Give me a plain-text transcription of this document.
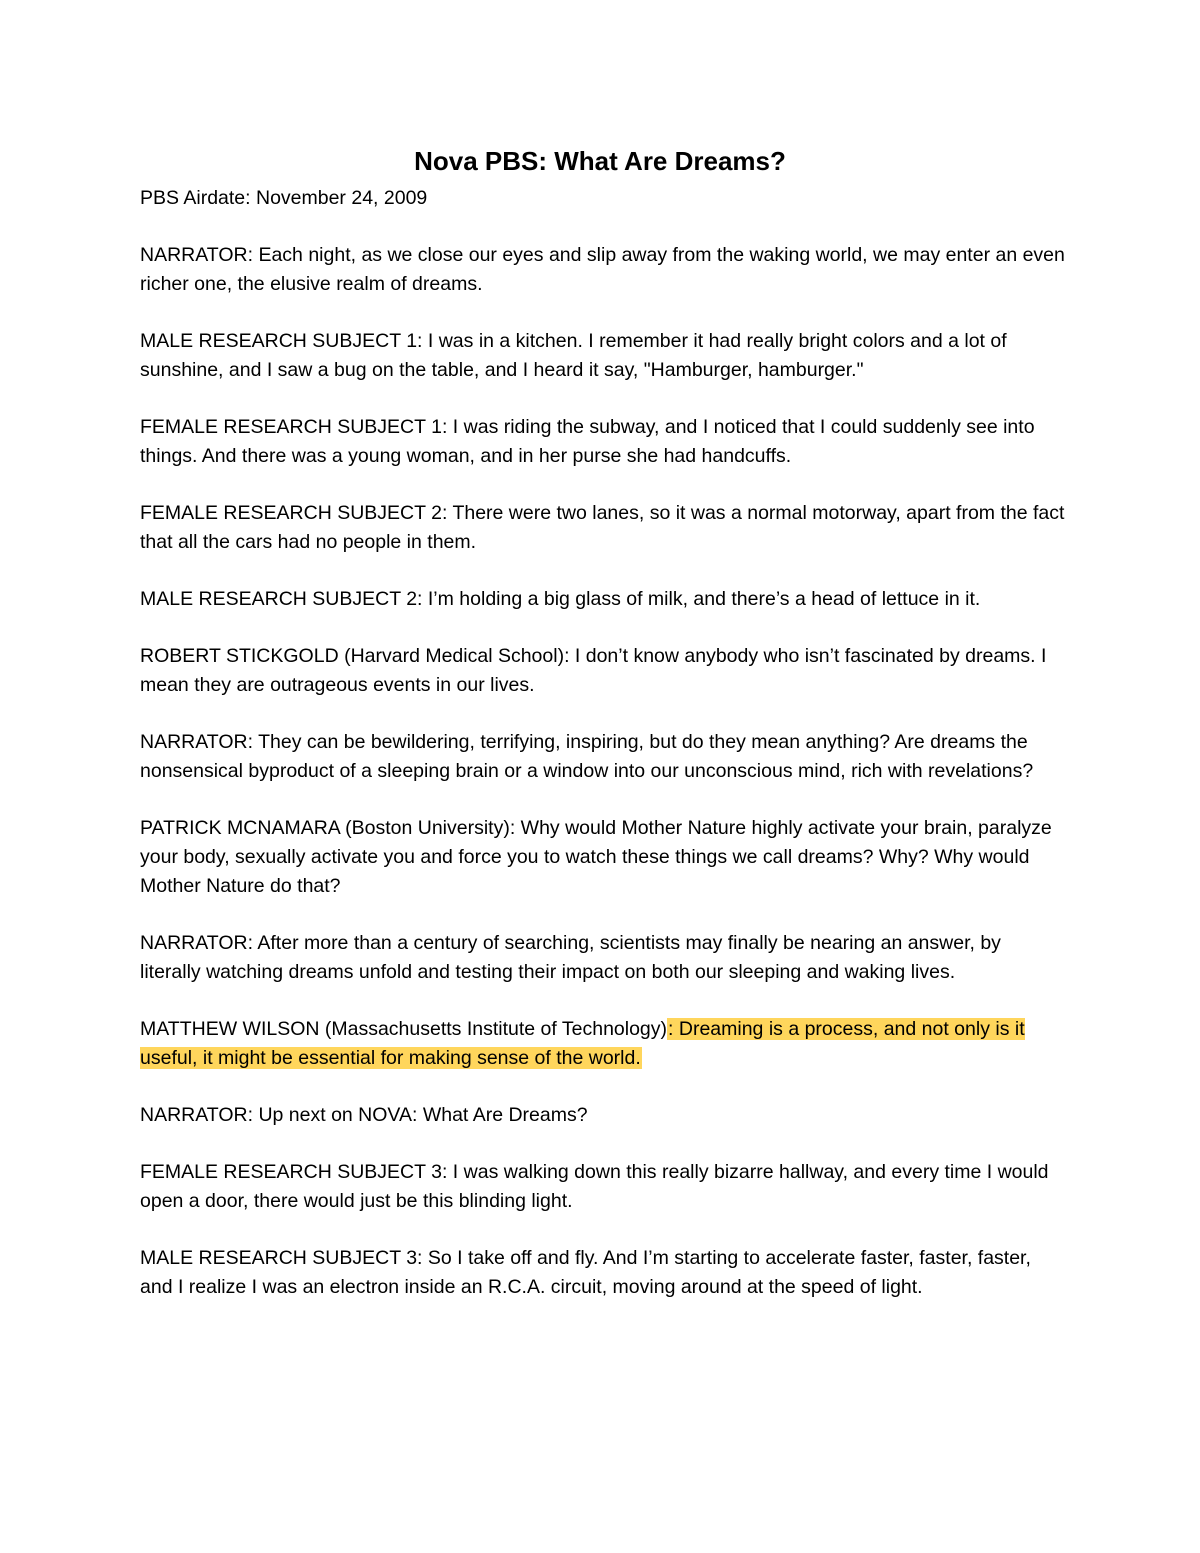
Nova PBS: What Are Dreams?

PBS Airdate: November 24, 2009

NARRATOR: Each night, as we close our eyes and slip away from the waking world, we may enter an even richer one, the elusive realm of dreams.

MALE RESEARCH SUBJECT 1: I was in a kitchen. I remember it had really bright colors and a lot of sunshine, and I saw a bug on the table, and I heard it say, "Hamburger, hamburger."

FEMALE RESEARCH SUBJECT 1: I was riding the subway, and I noticed that I could suddenly see into things. And there was a young woman, and in her purse she had handcuffs.

FEMALE RESEARCH SUBJECT 2: There were two lanes, so it was a normal motorway, apart from the fact that all the cars had no people in them.

MALE RESEARCH SUBJECT 2: I’m holding a big glass of milk, and there’s a head of lettuce in it.

ROBERT STICKGOLD (Harvard Medical School): I don’t know anybody who isn’t fascinated by dreams. I mean they are outrageous events in our lives.

NARRATOR: They can be bewildering, terrifying, inspiring, but do they mean anything? Are dreams the nonsensical byproduct of a sleeping brain or a window into our unconscious mind, rich with revelations?

PATRICK MCNAMARA (Boston University): Why would Mother Nature highly activate your brain, paralyze your body, sexually activate you and force you to watch these things we call dreams? Why? Why would Mother Nature do that?

NARRATOR: After more than a century of searching, scientists may finally be nearing an answer, by literally watching dreams unfold and testing their impact on both our sleeping and waking lives.

MATTHEW WILSON (Massachusetts Institute of Technology): Dreaming is a process, and not only is it useful, it might be essential for making sense of the world.

NARRATOR: Up next on NOVA: What Are Dreams?

FEMALE RESEARCH SUBJECT 3: I was walking down this really bizarre hallway, and every time I would open a door, there would just be this blinding light.

MALE RESEARCH SUBJECT 3: So I take off and fly. And I’m starting to accelerate faster, faster, faster, and I realize I was an electron inside an R.C.A. circuit, moving around at the speed of light.
